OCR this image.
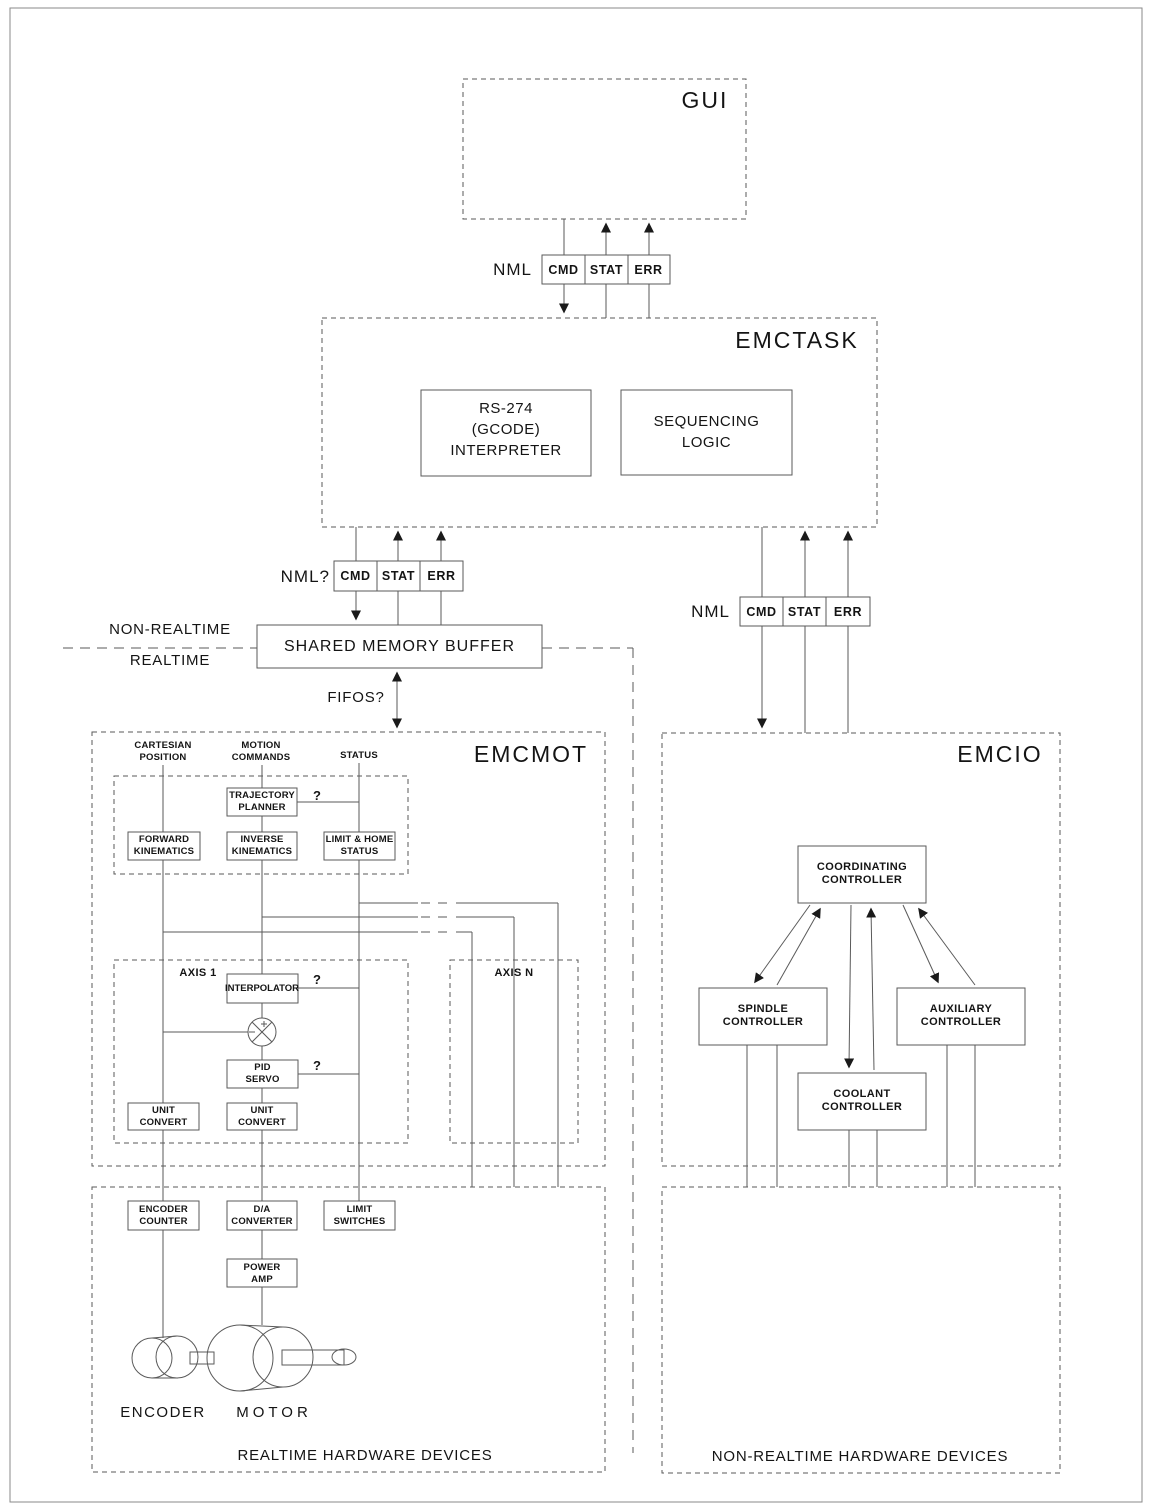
GUI
EMCTASK
EMCMOT	EMCIO
NML	CMD STAT ERR
RS-274
(GCODE)
INTERPRETER
SEQUENCING
LOGIC
NML? CMD STAT ERR
NML	CMD STAT	ERR
SHARED MEMORY BUFFER
NON-REALTIME
REALTIME
FIFOS?
CARTESIAN
POSITION
MOTION
COMMANDS	STATUS
TRAJECTORY
PLANNER
FORWARD
KINEMATICS
INVERSE
KINEMATICS
LIMIT & HOME
STATUS
AXIS 1	AXIS N
INTERPOLATOR
PID
SERVO
UNIT
CONVERT
UNIT
CONVERT
?
?
?
ENCODER
COUNTER
D/A
CONVERTER
LIMIT
SWITCHES
POWER
AMP
ENCODER	MOTOR
REALTIME HARDWARE DEVICES	NON-REALTIME HARDWARE DEVICES
COORDINATING
CONTROLLER
SPINDLE
CONTROLLER
AUXILIARY
CONTROLLER
COOLANT
CONTROLLER
